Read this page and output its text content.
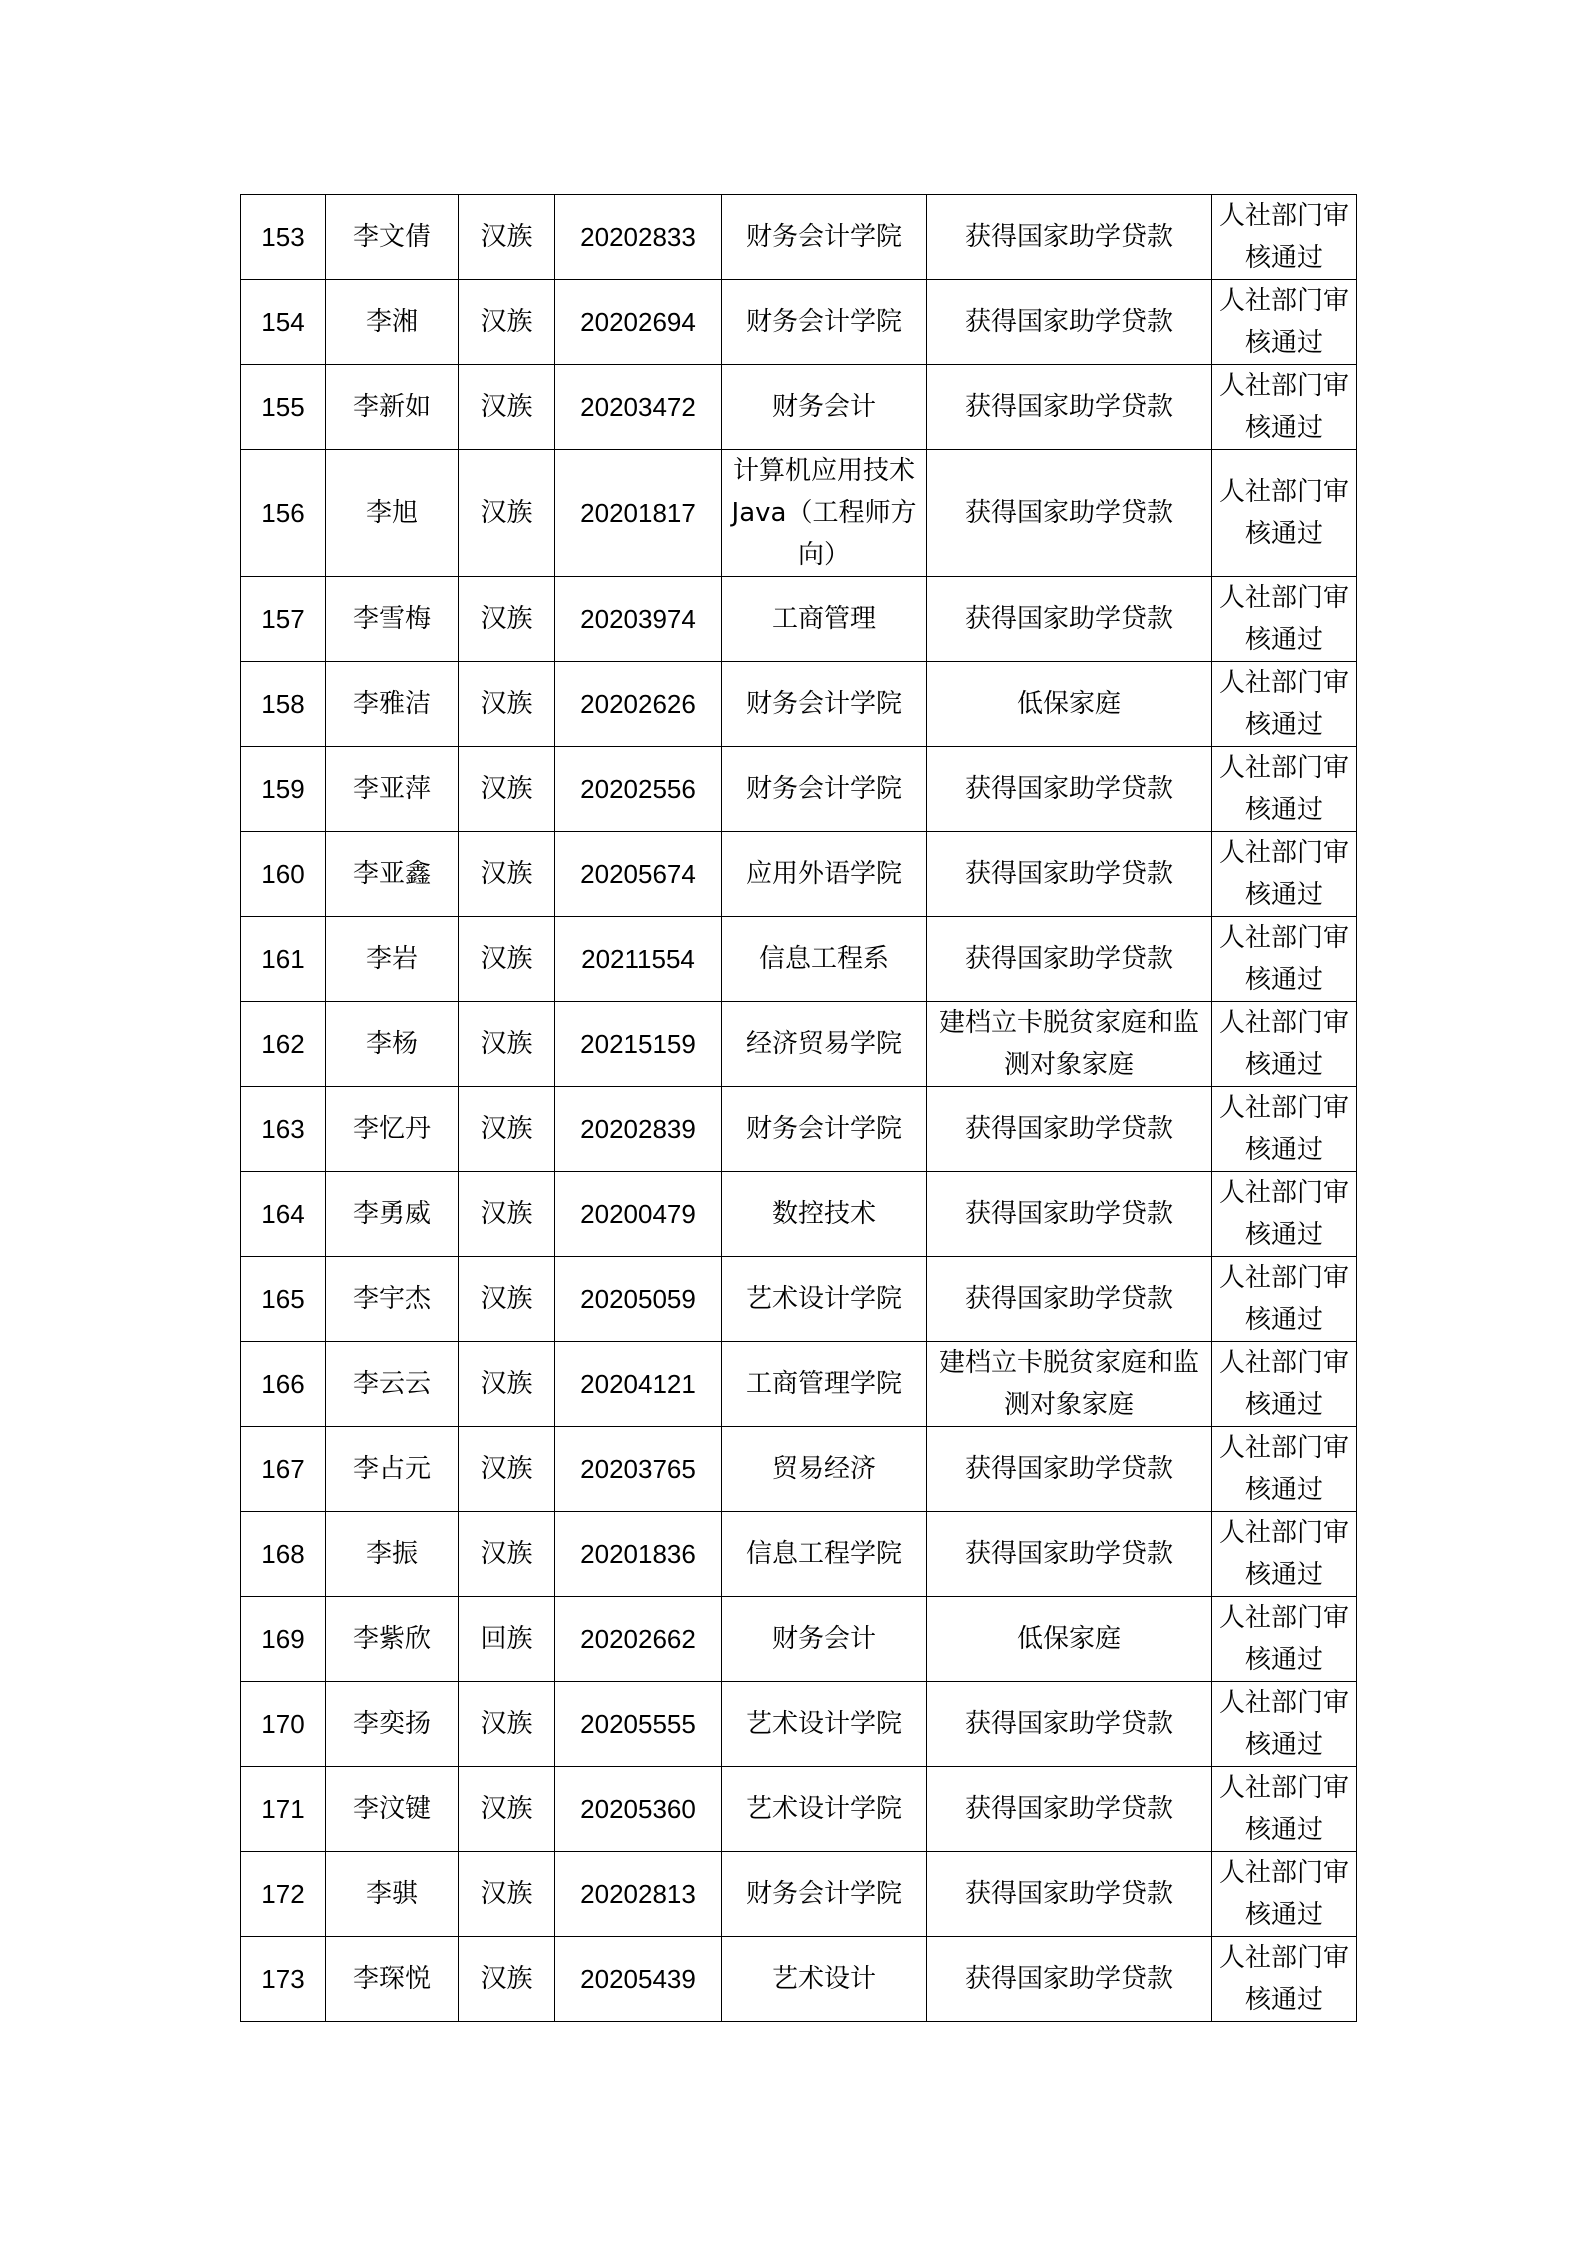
153	李文倩	汉族	20202833	财务会计学院	获得国家助学贷款	人社部门审核通过
154	李湘	汉族	20202694	财务会计学院	获得国家助学贷款	人社部门审核通过
155	李新如	汉族	20203472	财务会计	获得国家助学贷款	人社部门审核通过
156	李旭	汉族	20201817	计算机应用技术 Java（工程师方向）	获得国家助学贷款	人社部门审核通过
157	李雪梅	汉族	20203974	工商管理	获得国家助学贷款	人社部门审核通过
158	李雅洁	汉族	20202626	财务会计学院	低保家庭	人社部门审核通过
159	李亚萍	汉族	20202556	财务会计学院	获得国家助学贷款	人社部门审核通过
160	李亚鑫	汉族	20205674	应用外语学院	获得国家助学贷款	人社部门审核通过
161	李岩	汉族	20211554	信息工程系	获得国家助学贷款	人社部门审核通过
162	李杨	汉族	20215159	经济贸易学院	建档立卡脱贫家庭和监测对象家庭	人社部门审核通过
163	李忆丹	汉族	20202839	财务会计学院	获得国家助学贷款	人社部门审核通过
164	李勇威	汉族	20200479	数控技术	获得国家助学贷款	人社部门审核通过
165	李宇杰	汉族	20205059	艺术设计学院	获得国家助学贷款	人社部门审核通过
166	李云云	汉族	20204121	工商管理学院	建档立卡脱贫家庭和监测对象家庭	人社部门审核通过
167	李占元	汉族	20203765	贸易经济	获得国家助学贷款	人社部门审核通过
168	李振	汉族	20201836	信息工程学院	获得国家助学贷款	人社部门审核通过
169	李紫欣	回族	20202662	财务会计	低保家庭	人社部门审核通过
170	李奕扬	汉族	20205555	艺术设计学院	获得国家助学贷款	人社部门审核通过
171	李汶键	汉族	20205360	艺术设计学院	获得国家助学贷款	人社部门审核通过
172	李骐	汉族	20202813	财务会计学院	获得国家助学贷款	人社部门审核通过
173	李琛悦	汉族	20205439	艺术设计	获得国家助学贷款	人社部门审核通过
